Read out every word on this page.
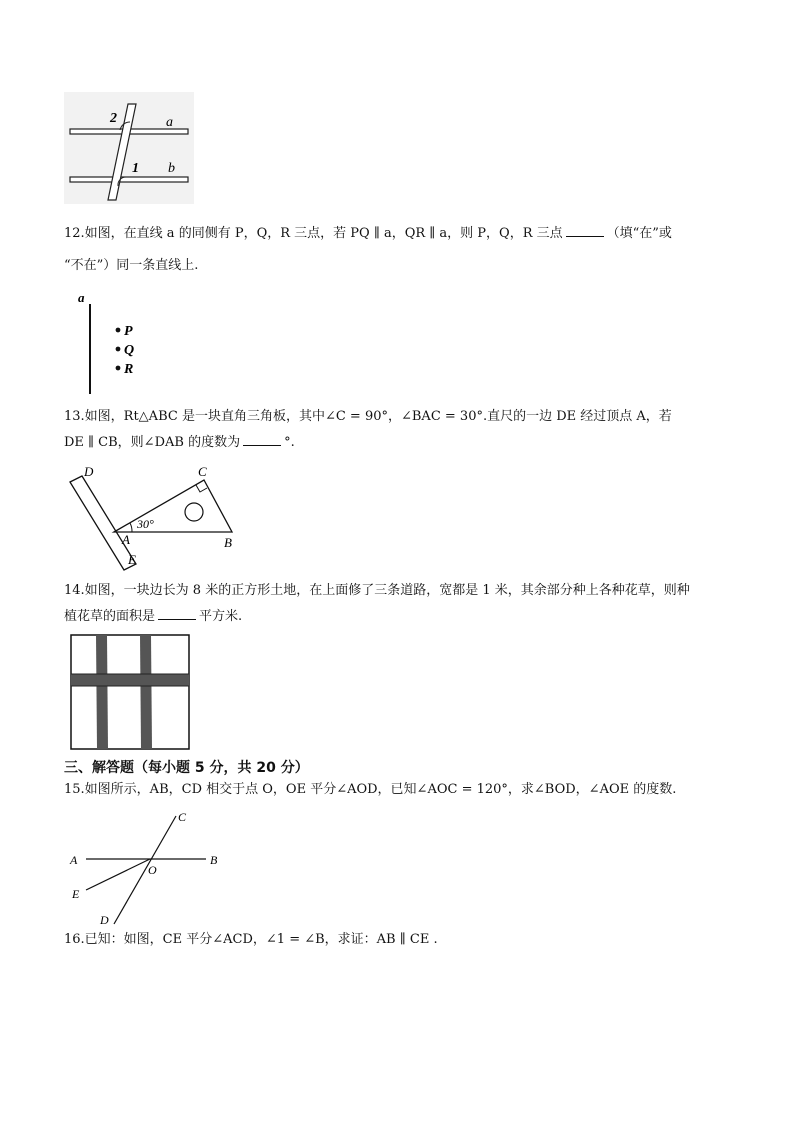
2
1
a
b
12.如图，在直线 a 的同侧有 P，Q，R 三点，若 PQ ∥ a，QR ∥ a，则 P，Q，R 三点	（填“在”或
“不在”）同一条直线上.
a
P
Q
R
13.如图，Rt△ABC 是一块直角三角板，其中∠C = 90°，∠BAC = 30°.直尺的一边 DE 经过顶点 A，若
DE ∥ CB，则∠DAB 的度数为	°.
30°
D	C
A	B
E
14.如图，一块边长为 8 米的正方形土地，在上面修了三条道路，宽都是 1 米，其余部分种上各种花草，则种
植花草的面积是	平方米.
三、解答题（每小题 5 分，共 20 分）
15.如图所示，AB，CD 相交于点 O，OE 平分∠AOD，已知∠AOC = 120°，求∠BOD，∠AOE 的度数.
A	B
C
D
E
O
16.已知：如图，CE 平分∠ACD，∠1 = ∠B，求证：AB ∥ CE .
